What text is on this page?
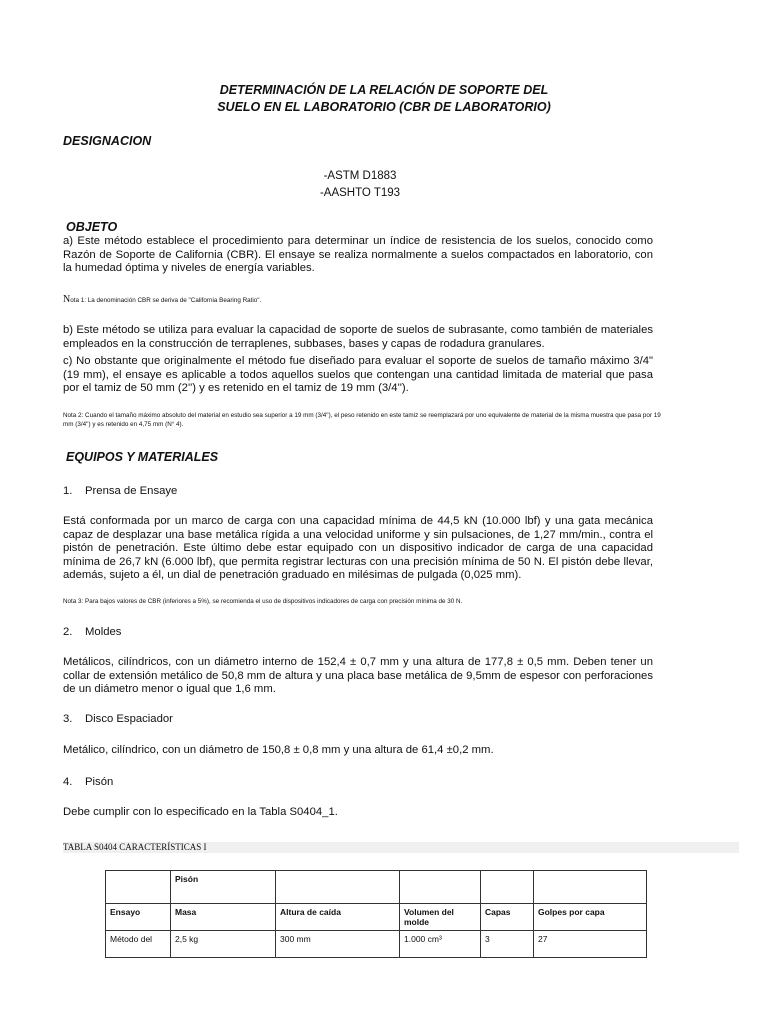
DETERMINACIÓN DE LA RELACIÓN DE SOPORTE DEL
SUELO EN EL LABORATORIO (CBR DE LABORATORIO)
DESIGNACION
-ASTM D1883
-AASHTO T193
OBJETO
a) Este método establece el procedimiento para determinar un índice de resistencia de los suelos, conocido como Razón de Soporte de California (CBR). El ensaye se realiza normalmente a suelos compactados en laboratorio, con la humedad óptima y niveles de energía variables.
Nota 1: La denominación CBR se deriva de "California Bearing Ratio".
b) Este método se utiliza para evaluar la capacidad de soporte de suelos de subrasante, como también de materiales empleados en la construcción de terraplenes, subbases, bases y capas de rodadura granulares.
c) No obstante que originalmente el método fue diseñado para evaluar el soporte de suelos de tamaño máximo 3/4" (19 mm), el ensaye es aplicable a todos aquellos suelos que contengan una cantidad limitada de material que pasa por el tamiz de 50 mm (2'') y es retenido en el tamiz de 19 mm (3/4'').
Nota 2: Cuando el tamaño máximo absoluto del material en estudio sea superior a 19 mm (3/4''), el peso retenido en este tamiz se reemplazará por uno equivalente de material de la misma muestra que pasa por 19 mm (3/4'') y es retenido en 4,75 mm (N° 4).
EQUIPOS Y MATERIALES
1. Prensa de Ensaye
Está conformada por un marco de carga con una capacidad mínima de 44,5 kN (10.000 lbf) y una gata mecánica capaz de desplazar una base metálica rígida a una velocidad uniforme y sin pulsaciones, de 1,27 mm/min., contra el pistón de penetración. Este último debe estar equipado con un dispositivo indicador de carga de una capacidad mínima de 26,7 kN (6.000 lbf), que permita registrar lecturas con una precisión mínima de 50 N. El pistón debe llevar, además, sujeto a él, un dial de penetración graduado en milésimas de pulgada (0,025 mm).
Nota 3: Para bajos valores de CBR (inferiores a 5%), se recomienda el uso de dispositivos indicadores de carga con precisión mínima de 30 N.
2. Moldes
Metálicos, cilíndricos, con un diámetro interno de 152,4 ± 0,7 mm y una altura de 177,8 ± 0,5 mm. Deben tener un collar de extensión metálico de 50,8 mm de altura y una placa base metálica de 9,5mm de espesor con perforaciones de un diámetro menor o igual que 1,6 mm.
3. Disco Espaciador
Metálico, cilíndrico, con un diámetro de 150,8 ± 0,8 mm y una altura de 61,4 ±0,2 mm.
4. Pisón
Debe cumplir con lo especificado en la Tabla S0404_1.
TABLA S0404 CARACTERÍSTICAS I
	Pisón				
Ensayo	Masa	Altura de caída	Volumen del molde	Capas	Golpes por capa
Método del	2,5 kg	300 mm	1.000 cm³	3	27
